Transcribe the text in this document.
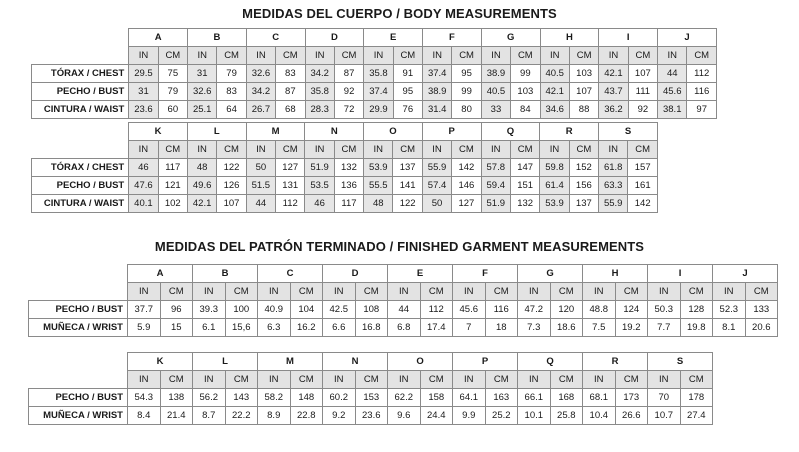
MEDIDAS DEL CUERPO / BODY MEASUREMENTS
	A		B		C		D		E		F		G		H		I		J	
	IN	CM	IN	CM	IN	CM	IN	CM	IN	CM	IN	CM	IN	CM	IN	CM	IN	CM	IN	CM
TÓRAX / CHEST	29.5	75	31	79	32.6	83	34.2	87	35.8	91	37.4	95	38.9	99	40.5	103	42.1	107	44	112
PECHO / BUST	31	79	32.6	83	34.2	87	35.8	92	37.4	95	38.9	99	40.5	103	42.1	107	43.7	111	45.6	116
CINTURA / WAIST	23.6	60	25.1	64	26.7	68	28.3	72	29.9	76	31.4	80	33	84	34.6	88	36.2	92	38.1	97
	K		L		M		N		O		P		Q		R		S	
	IN	CM	IN	CM	IN	CM	IN	CM	IN	CM	IN	CM	IN	CM	IN	CM	IN	CM
TÓRAX / CHEST	46	117	48	122	50	127	51.9	132	53.9	137	55.9	142	57.8	147	59.8	152	61.8	157
PECHO / BUST	47.6	121	49.6	126	51.5	131	53.5	136	55.5	141	57.4	146	59.4	151	61.4	156	63.3	161
CINTURA / WAIST	40.1	102	42.1	107	44	112	46	117	48	122	50	127	51.9	132	53.9	137	55.9	142
MEDIDAS DEL PATRÓN TERMINADO / FINISHED GARMENT MEASUREMENTS
	A		B		C		D		E		F		G		H		I		J	
	IN	CM	IN	CM	IN	CM	IN	CM	IN	CM	IN	CM	IN	CM	IN	CM	IN	CM	IN	CM
PECHO / BUST	37.7	96	39.3	100	40.9	104	42.5	108	44	112	45.6	116	47.2	120	48.8	124	50.3	128	52.3	133
MUÑECA / WRIST	5.9	15	6.1	15,6	6.3	16.2	6.6	16.8	6.8	17.4	7	18	7.3	18.6	7.5	19.2	7.7	19.8	8.1	20.6
	K		L		M		N		O		P		Q		R		S	
	IN	CM	IN	CM	IN	CM	IN	CM	IN	CM	IN	CM	IN	CM	IN	CM	IN	CM
PECHO / BUST	54.3	138	56.2	143	58.2	148	60.2	153	62.2	158	64.1	163	66.1	168	68.1	173	70	178
MUÑECA / WRIST	8.4	21.4	8.7	22.2	8.9	22.8	9.2	23.6	9.6	24.4	9.9	25.2	10.1	25.8	10.4	26.6	10.7	27.4
